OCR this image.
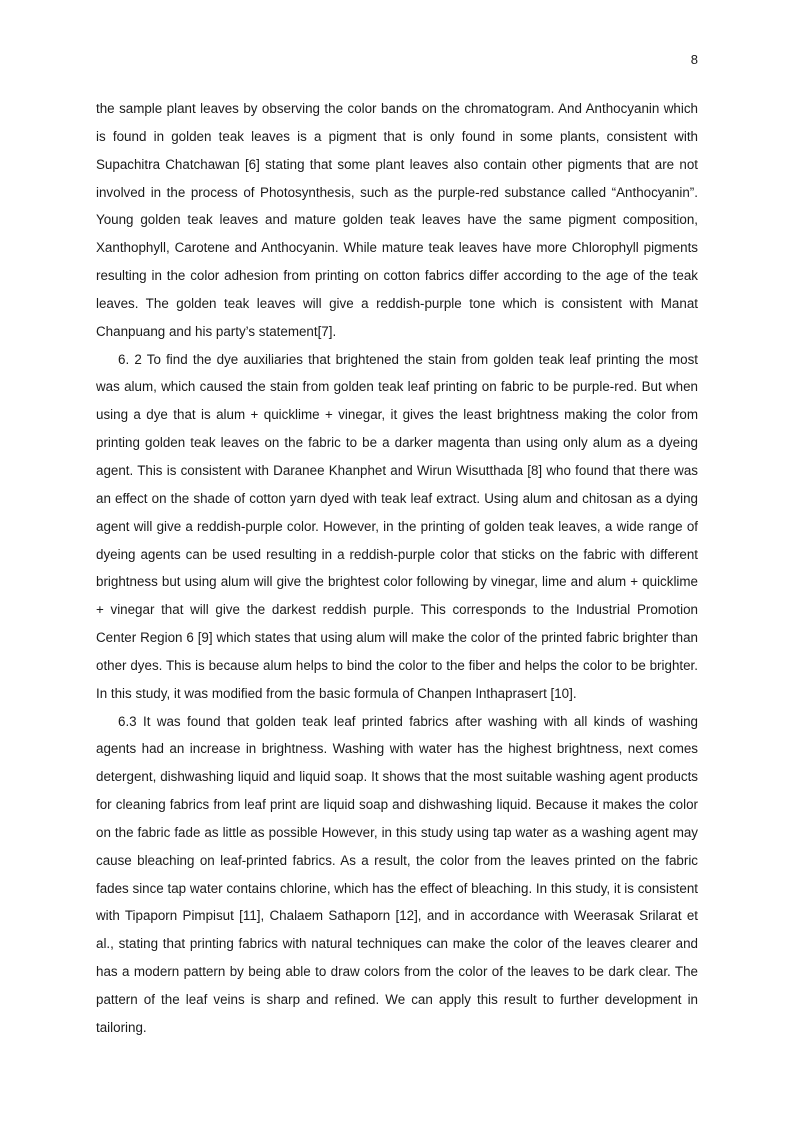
8

the sample plant leaves by observing the color bands on the chromatogram. And Anthocyanin which is found in golden teak leaves is a pigment that is only found in some plants, consistent with Supachitra Chatchawan [6] stating that some plant leaves also contain other pigments that are not involved in the process of Photosynthesis, such as the purple-red substance called “Anthocyanin”. Young golden teak leaves and mature golden teak leaves have the same pigment composition, Xanthophyll, Carotene and Anthocyanin. While mature teak leaves have more Chlorophyll pigments resulting in the color adhesion from printing on cotton fabrics differ according to the age of the teak leaves. The golden teak leaves will give a reddish-purple tone which is consistent with Manat Chanpuang and his party’s statement[7].

6. 2 To find the dye auxiliaries that brightened the stain from golden teak leaf printing the most was alum, which caused the stain from golden teak leaf printing on fabric to be purple-red. But when using a dye that is alum + quicklime + vinegar, it gives the least brightness making the color from printing golden teak leaves on the fabric to be a darker magenta than using only alum as a dyeing agent. This is consistent with Daranee Khanphet and Wirun Wisutthada [8] who found that there was an effect on the shade of cotton yarn dyed with teak leaf extract. Using alum and chitosan as a dying agent will give a reddish-purple color. However, in the printing of golden teak leaves, a wide range of dyeing agents can be used resulting in a reddish-purple color that sticks on the fabric with different brightness but using alum will give the brightest color following by vinegar, lime and alum + quicklime + vinegar that will give the darkest reddish purple. This corresponds to the Industrial Promotion Center Region 6 [9] which states that using alum will make the color of the printed fabric brighter than other dyes. This is because alum helps to bind the color to the fiber and helps the color to be brighter. In this study, it was modified from the basic formula of Chanpen Inthaprasert [10].

6.3 It was found that golden teak leaf printed fabrics after washing with all kinds of washing agents had an increase in brightness. Washing with water has the highest brightness, next comes detergent, dishwashing liquid and liquid soap. It shows that the most suitable washing agent products for cleaning fabrics from leaf print are liquid soap and dishwashing liquid. Because it makes the color on the fabric fade as little as possible However, in this study using tap water as a washing agent may cause bleaching on leaf-printed fabrics. As a result, the color from the leaves printed on the fabric fades since tap water contains chlorine, which has the effect of bleaching. In this study, it is consistent with Tipaporn Pimpisut [11], Chalaem Sathaporn [12], and in accordance with Weerasak Srilarat et al., stating that printing fabrics with natural techniques can make the color of the leaves clearer and has a modern pattern by being able to draw colors from the color of the leaves to be dark clear. The pattern of the leaf veins is sharp and refined. We can apply this result to further development in tailoring.
